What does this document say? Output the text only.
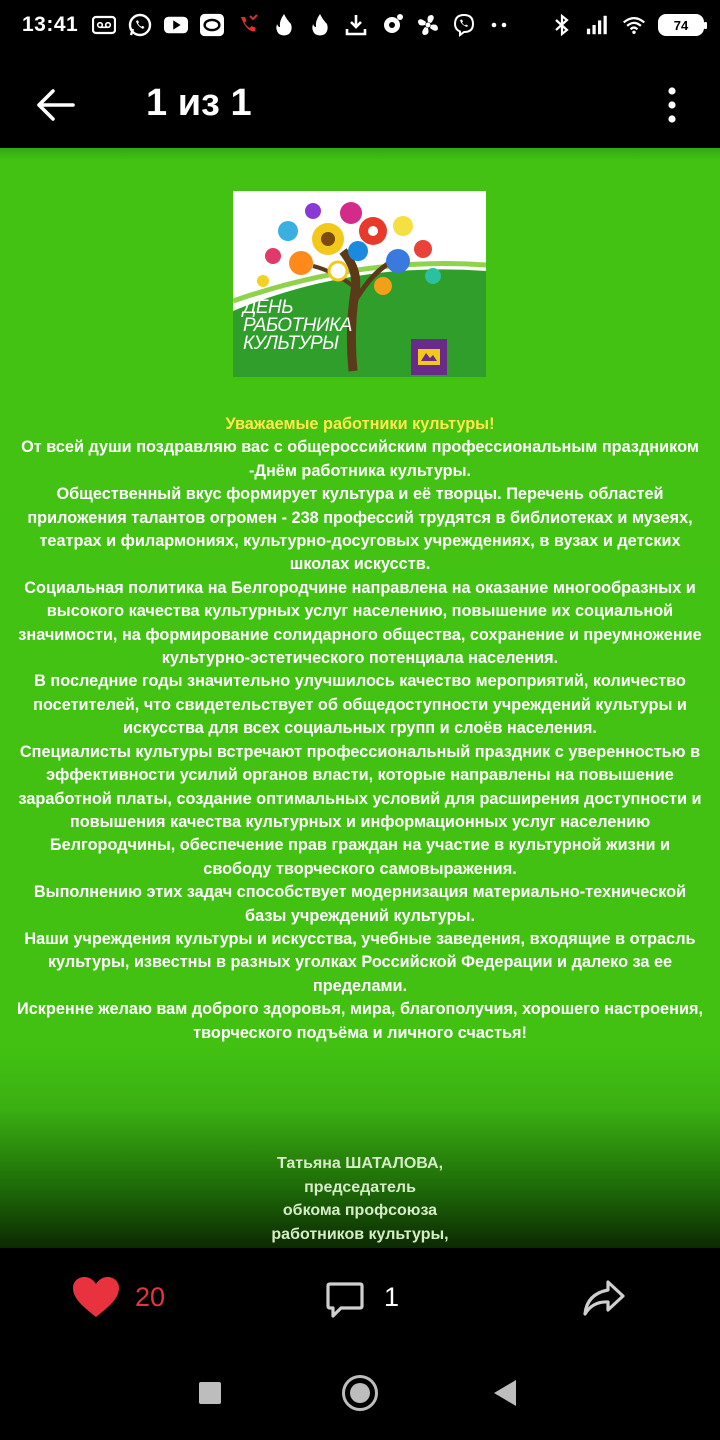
13:41	74
1 из 1
ДЕНЬ
РАБОТНИКА
КУЛЬТУРЫ

Уважаемые работники культуры!

От всей души поздравляю вас с общероссийским профессиональным праздником -Днём работника культуры.

Общественный вкус формирует культура и её творцы. Перечень областей приложения талантов огромен - 238 профессий трудятся в библиотеках и музеях, театрах и филармониях, культурно-досуговых учреждениях, в вузах и детских школах искусств.

Социальная политика на Белгородчине направлена на оказание многообразных и высокого качества культурных услуг населению, повышение их социальной значимости, на формирование солидарного общества, сохранение и преумножение культурно-эстетического потенциала населения.

В последние годы значительно улучшилось качество мероприятий, количество посетителей, что свидетельствует об общедоступности учреждений культуры и искусства для всех социальных групп и слоёв населения.

Специалисты культуры встречают профессиональный праздник с уверенностью в эффективности усилий органов власти, которые направлены на повышение заработной платы, создание оптимальных условий для расширения доступности и повышения качества культурных и информационных услуг населению Белгородчины, обеспечение прав граждан на участие в культурной жизни и свободу творческого самовыражения.

Выполнению этих задач способствует модернизация материально-технической базы учреждений культуры.

Наши учреждения культуры и искусства, учебные заведения, входящие в отрасль культуры, известны в разных уголках Российской Федерации и далеко за ее пределами.

Искренне желаю вам доброго здоровья, мира, благополучия, хорошего настроения, творческого подъёма и личного счастья!

Татьяна ШАТАЛОВА,
председатель
обкома профсоюза
работников культуры,
20	1
